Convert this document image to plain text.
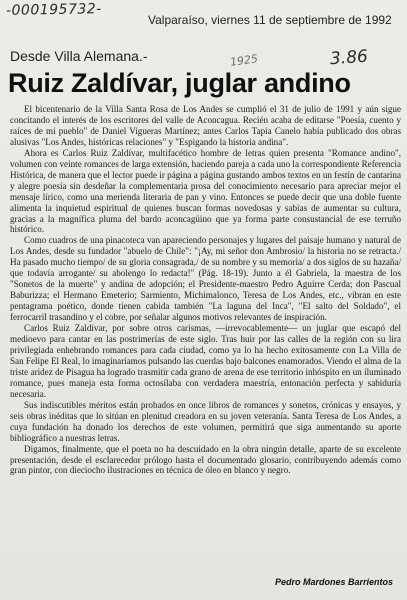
-000195732-
Valparaíso, viernes 11 de septiembre de 1992
1925	3.86
Desde Villa Alemana.-
Ruiz Zaldívar, juglar andino

El bicentenario de la Villa Santa Rosa de Los Andes se cumplió el 31 de julio de 1991 y aún sigue concitando el interés de los escritores del valle de Aconcagua. Recién acaba de editarse "Poesía, cuento y raíces de mi pueblo" de Daniel Vigueras Martínez; antes Carlos Tapia Canelo había publicado dos obras alusivas "Los Andes, históricas relaciones" y "Espigando la historia andina".

Ahora es Carlos Ruiz Zaldívar, multifacético hombre de letras quien presenta "Romance andino", volumen con veinte romances de larga extensión, haciendo pareja a cada uno la correspondiente Referencia Histórica, de manera que el lector puede ir página a página gustando ambos textos en un festín de cantarina y alegre poesía sin desdeñar la complementaria prosa del conocimiento necesario para apreciar mejor el mensaje lírico, como una merienda literaria de pan y vino. Entonces se puede decir que una doble fuente alimenta la inquietud espiritual de quienes buscan formas novedosas y sabias de aumentar su cultura, gracias a la magnífica pluma del bardo aconcagüino que ya forma parte consustancial de ese terruño histórico.

Como cuadros de una pinacoteca van apareciendo personajes y lugares del paisaje humano y natural de Los Andes, desde su fundador "abuelo de Chile": "¡Ay, mi señor don Ambrosio/ la historia no se retracta./ Ha pasado mucho tiempo/ de su gloria consagrada,/ de su nombre y su memoria/ a dos siglos de su hazaña/ que todavía arrogante/ su abolengo lo redacta!" (Pág. 18-19). Junto a él Gabriela, la maestra de los "Sonetos de la muerte" y andina de adopción; el Presidente-maestro Pedro Aguirre Cerda; don Pascual Baburizza; el Hermano Emeterio; Sarmiento, Michimalonco, Teresa de Los Andes, etc., vibran en este pentagrama poético, donde tienen cabida también "La laguna del Inca", "El salto del Soldado", el ferrocarril trasandino y el cobre, por señalar algunos motivos relevantes de inspiración.

Carlos Ruiz Zaldívar, por sobre otros carismas, —irrevocablemente— un juglar que escapó del medioevo para cantar en las postrimerías de este siglo. Tras huir por las calles de la región con su lira privilegiada enhebrando romances para cada ciudad, como ya lo ha hecho exitosamente con La Villa de San Felipe El Real, lo imaginaríamos pulsando las cuerdas bajo balcones enamorados. Viendo el alma de la triste aridez de Pisagua ha logrado trasmitir cada grano de arena de ese territorio inhóspito en un iluminado romance, pues maneja esta forma octosílaba con verdadera maestría, entonación perfecta y sabiduría necesaria.

Sus indiscutibles méritos están probados en once libros de romances y sonetos, crónicas y ensayos, y seis obras inéditas que lo sitúan en plenitud creadora en su joven veteranía. Santa Teresa de Los Andes, a cuya fundación ha donado los derechos de este volumen, permitirá que siga aumentando su aporte bibliográfico a nuestras letras.

Digamos, finalmente, que el poeta no ha descuidado en la obra ningún detalle, aparte de su excelente presentación, desde el esclarecedor prólogo hasta el documentado glosario, contribuyendo además como gran pintor, con dieciocho ilustraciones en técnica de óleo en blanco y negro.

Pedro Mardones Barrientos
